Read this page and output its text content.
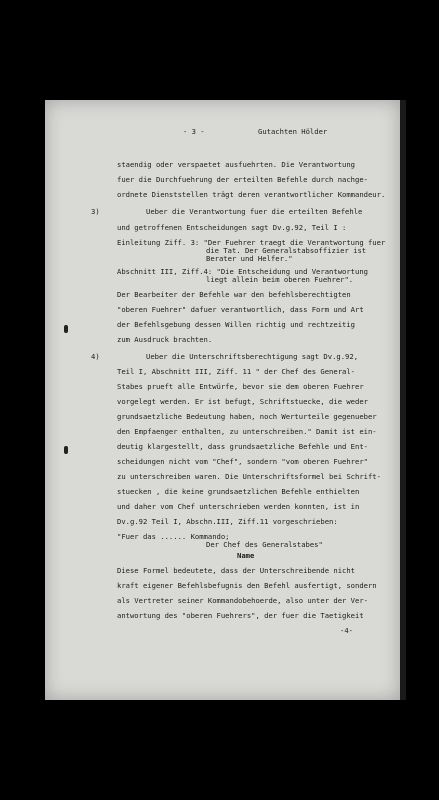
- 3 -	Gutachten Hölder
staendig oder verspaetet ausfuehrten. Die Verantwortung
fuer die Durchfuehrung der erteilten Befehle durch nachge-
ordnete Dienststellen trägt deren verantwortlicher Kommandeur.
3)	Ueber die Verantwortung fuer die erteilten Befehle
und getroffenen Entscheidungen sagt Dv.g.92, Teil I :
Einleitung Ziff. 3: "Der Fuehrer traegt die Verantwortung fuer
die Tat. Der Generalstabsoffizier ist
Berater und Helfer."
Abschnitt III, Ziff.4: "Die Entscheidung und Verantwortung
liegt allein beim oberen Fuehrer".
Der Bearbeiter der Befehle war den befehlsberechtigten
"oberen Fuehrer" dafuer verantwortlich, dass Form und Art
der Befehlsgebung dessen Willen richtig und rechtzeitig
zum Ausdruck brachten.
4)	Ueber die Unterschriftsberechtigung sagt Dv.g.92,
Teil I, Abschnitt III, Ziff. 11 " der Chef des General-
Stabes prueft alle Entwürfe, bevor sie dem oberen Fuehrer
vorgelegt werden. Er ist befugt, Schriftstuecke, die weder
grundsaetzliche Bedeutung haben, noch Werturteile gegenueber
den Empfaenger enthalten, zu unterschreiben." Damit ist ein-
deutig klargestellt, dass grundsaetzliche Befehle und Ent-
scheidungen nicht vom "Chef", sondern "vom oberen Fuehrer"
zu unterschreiben waren. Die Unterschriftsformel bei Schrift-
stuecken , die keine grundsaetzlichen Befehle enthielten
und daher vom Chef unterschrieben werden konnten, ist in
Dv.g.92 Teil I, Abschn.III, Ziff.11 vorgeschrieben:
"Fuer das ...... Kommando;
Der Chef des Generalstabes"
Name
Diese Formel bedeutete, dass der Unterschreibende nicht
kraft eigener Befehlsbefugnis den Befehl ausfertigt, sondern
als Vertreter seiner Kommandobehoerde, also unter der Ver-
antwortung des "oberen Fuehrers", der fuer die Taetigkeit
-4-
